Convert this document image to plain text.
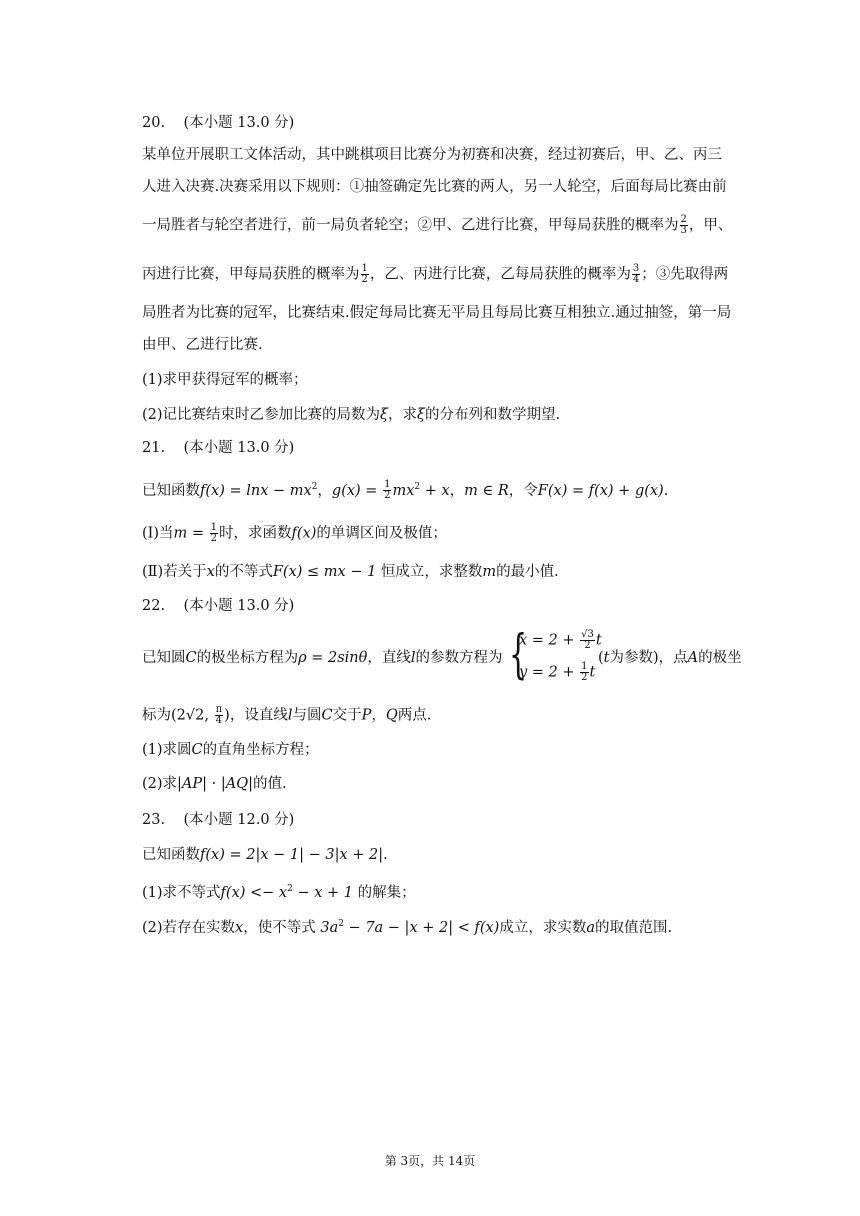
20. (本小题 13.0 分)
某单位开展职工文体活动，其中跳棋项目比赛分为初赛和决赛，经过初赛后，甲、乙、丙三
人进入决赛.决赛采用以下规则：①抽签确定先比赛的两人，另一人轮空，后面每局比赛由前
一局胜者与轮空者进行，前一局负者轮空；②甲、乙进行比赛，甲每局获胜的概率为 $\frac{2}{3}$ ，甲、
丙进行比赛，甲每局获胜的概率为 $\frac{1}{2}$ ，乙、丙进行比赛，乙每局获胜的概率为 $\frac{3}{4}$ ；③先取得两
局胜者为比赛的冠军，比赛结束.假定每局比赛无平局且每局比赛互相独立.通过抽签，第一局
由甲、乙进行比赛.
(1)求甲获得冠军的概率；
(2)记比赛结束时乙参加比赛的局数为ξ，求ξ的分布列和数学期望.
21. (本小题 13.0 分)
已知函数$f(x) = \ln x - mx^2$，$g(x) = \frac{1}{2} mx^2 + x$，m ∈ R，令F(x) = f(x) + g(x).
(Ⅰ)当$m = \frac{1}{2}$ 时，求函数f(x)的单调区间及极值；
(Ⅱ)若关于x的不等式F(x) ≤ mx − 1 恒成立，求整数m的最小值.
22. (本小题 13.0 分)
已知圆C的极坐标方程为ρ = 2sinθ，直线l的参数方程为 {
$x = 2 + \frac{√3}{2}$ t
$y = 2 + \frac{1}{2}$ t
(t为参数)，点A的极坐
标为(2√2, $\frac{\pi}{4}$ )，设直线l与圆C交于P，Q两点.
(1)求圆C的直角坐标方程；
(2)求|AP| · |AQ|的值.
23. (本小题 12.0 分)
已知函数f(x) = 2|x − 1| − 3|x + 2|.
(1)求不等式$f(x) <- x^2 - x + 1$ 的解集；
(2)若存在实数x，使不等式 $3a^2 - 7a - |x + 2| < f(x)$成立，求实数a的取值范围.
第 3页，共 14页
